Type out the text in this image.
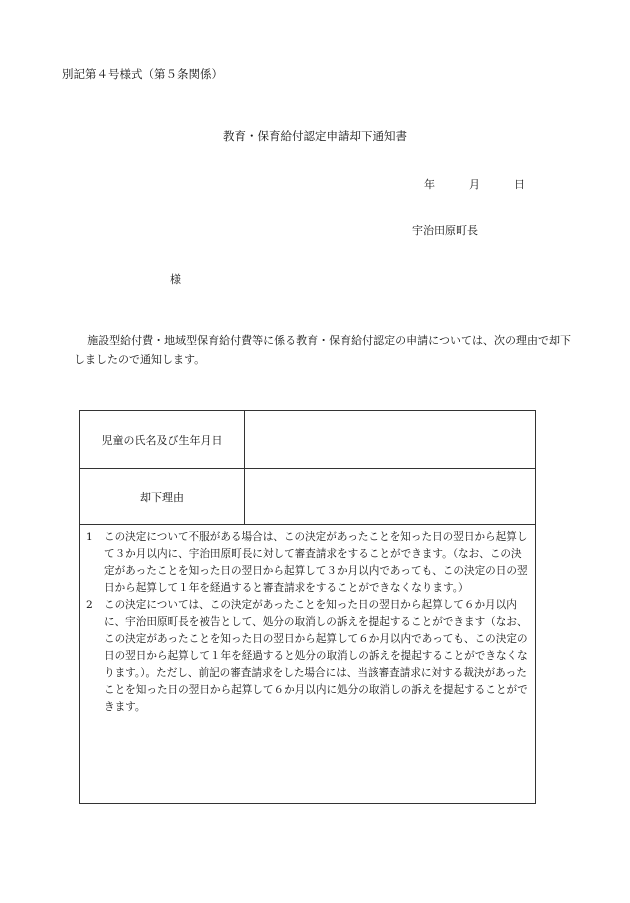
別記第４号様式（第５条関係）
教育・保育給付認定申請却下通知書
年	月	日
宇治田原町長
様

施設型給付費・地域型保育給付費等に係る教育・保育給付認定の申請については、次の理由で却下しましたので通知します。

児童の氏名及び生年月日
却下理由
1	この決定について不服がある場合は、この決定があったことを知った日の翌日から起算して３か月以内に、宇治田原町長に対して審査請求をすることができます。（なお、この決定があったことを知った日の翌日から起算して３か月以内であっても、この決定の日の翌日から起算して１年を経過すると審査請求をすることができなくなります。）
2	この決定については、この決定があったことを知った日の翌日から起算して６か月以内に、宇治田原町長を被告として、処分の取消しの訴えを提起することができます（なお、この決定があったことを知った日の翌日から起算して６か月以内であっても、この決定の日の翌日から起算して１年を経過すると処分の取消しの訴えを提起することができなくなります。）。ただし、前記の審査請求をした場合には、当該審査請求に対する裁決があったことを知った日の翌日から起算して６か月以内に処分の取消しの訴えを提起することができます。
